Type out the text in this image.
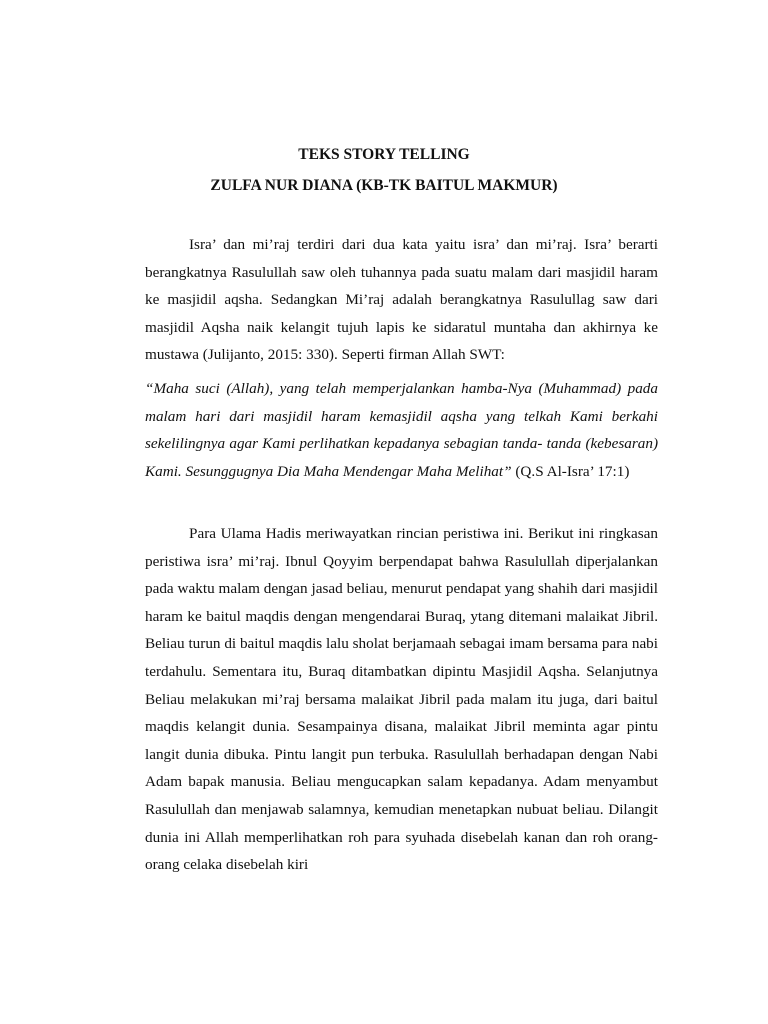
TEKS STORY TELLING
ZULFA NUR DIANA (KB-TK BAITUL MAKMUR)

Isra’ dan mi’raj terdiri dari dua kata yaitu isra’ dan mi’raj. Isra’ berarti berangkatnya Rasulullah saw oleh tuhannya pada suatu malam dari masjidil haram ke masjidil aqsha. Sedangkan Mi’raj adalah berangkatnya Rasulullag saw dari masjidil Aqsha naik kelangit tujuh lapis ke sidaratul muntaha dan akhirnya ke mustawa (Julijanto, 2015: 330). Seperti firman Allah SWT:

“Maha suci (Allah), yang telah memperjalankan hamba-Nya (Muhammad) pada malam hari dari masjidil haram kemasjidil aqsha yang telkah Kami berkahi sekelilingnya agar Kami perlihatkan kepadanya sebagian tanda- tanda (kebesaran) Kami. Sesunggugnya Dia Maha Mendengar Maha Melihat” (Q.S Al-Isra’ 17:1)

Para Ulama Hadis meriwayatkan rincian peristiwa ini. Berikut ini ringkasan peristiwa isra’ mi’raj. Ibnul Qoyyim berpendapat bahwa Rasulullah diperjalankan pada waktu malam dengan jasad beliau, menurut pendapat yang shahih dari masjidil haram ke baitul maqdis dengan mengendarai Buraq, ytang ditemani malaikat Jibril. Beliau turun di baitul maqdis lalu sholat berjamaah sebagai imam bersama para nabi terdahulu. Sementara itu, Buraq ditambatkan dipintu Masjidil Aqsha. Selanjutnya Beliau melakukan mi’raj bersama malaikat Jibril pada malam itu juga, dari baitul maqdis kelangit dunia. Sesampainya disana, malaikat Jibril meminta agar pintu langit dunia dibuka. Pintu langit pun terbuka. Rasulullah berhadapan dengan Nabi Adam bapak manusia. Beliau mengucapkan salam kepadanya. Adam menyambut Rasulullah dan menjawab salamnya, kemudian menetapkan nubuat beliau. Dilangit dunia ini Allah memperlihatkan roh para syuhada disebelah kanan dan roh orang-orang celaka disebelah kiri
